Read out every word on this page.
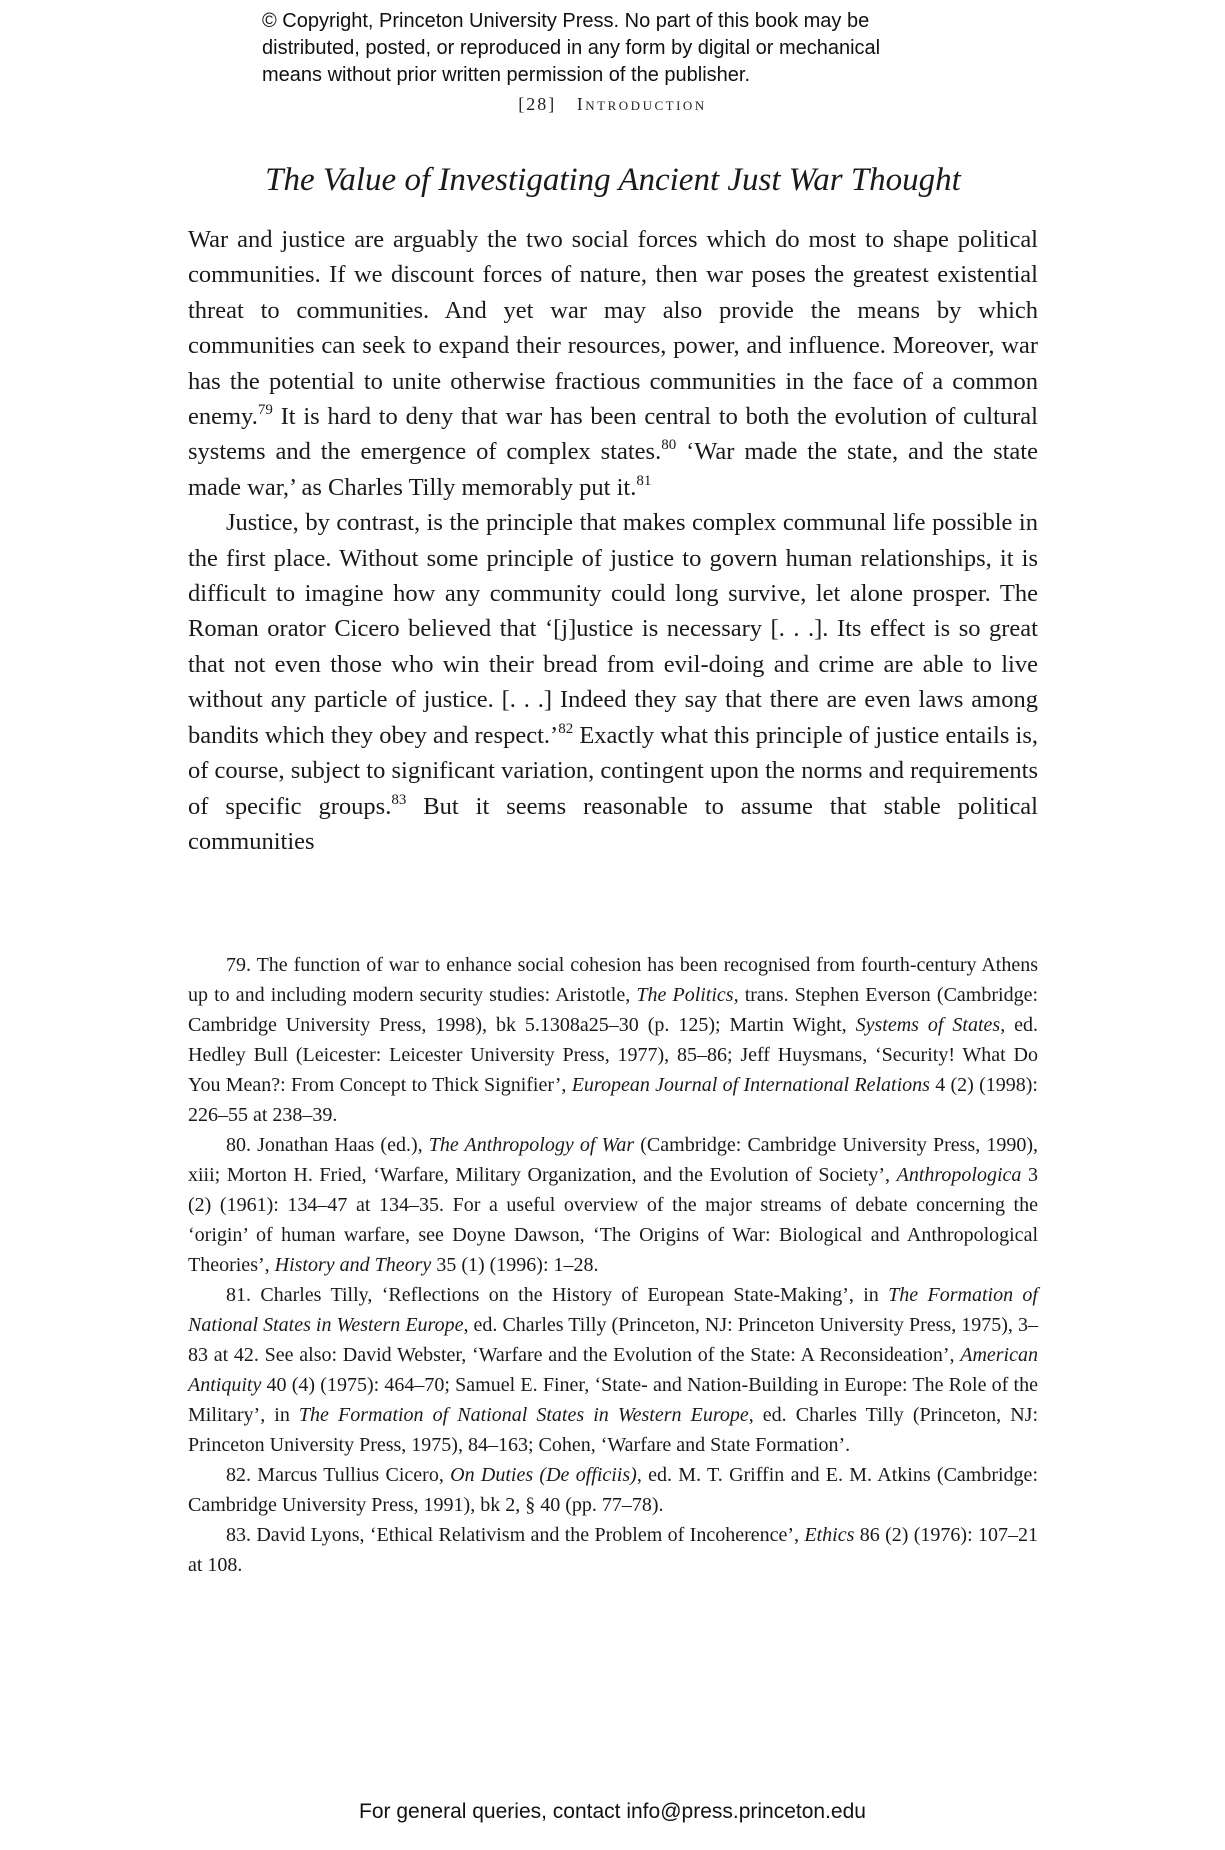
© Copyright, Princeton University Press. No part of this book may be
distributed, posted, or reproduced in any form by digital or mechanical
means without prior written permission of the publisher.
[28] Introduction
The Value of Investigating Ancient Just War Thought

War and justice are arguably the two social forces which do most to shape political communities. If we discount forces of nature, then war poses the greatest existential threat to communities. And yet war may also provide the means by which communities can seek to expand their resources, power, and influence. Moreover, war has the potential to unite otherwise fractious communities in the face of a common enemy.$^{79}$ It is hard to deny that war has been central to both the evolution of cultural systems and the emergence of complex states.$^{80}$ ‘War made the state, and the state made war,’ as Charles Tilly memorably put it.$^{81}$

Justice, by contrast, is the principle that makes complex communal life possible in the first place. Without some principle of justice to govern human relationships, it is difficult to imagine how any community could long survive, let alone prosper. The Roman orator Cicero believed that ‘[j]ustice is necessary [. . .]. Its effect is so great that not even those who win their bread from evil-doing and crime are able to live without any particle of justice. [. . .] Indeed they say that there are even laws among bandits which they obey and respect.’$^{82}$ Exactly what this principle of justice entails is, of course, subject to significant variation, contingent upon the norms and requirements of specific groups.$^{83}$ But it seems reasonable to assume that stable political communities

79. The function of war to enhance social cohesion has been recognised from fourth-century Athens up to and including modern security studies: Aristotle, The Politics, trans. Stephen Everson (Cambridge: Cambridge University Press, 1998), bk 5.1308a25–30 (p. 125); Martin Wight, Systems of States, ed. Hedley Bull (Leicester: Leicester University Press, 1977), 85–86; Jeff Huysmans, ‘Security! What Do You Mean?: From Concept to Thick Signifier’, European Journal of International Relations 4 (2) (1998): 226–55 at 238–39.

80. Jonathan Haas (ed.), The Anthropology of War (Cambridge: Cambridge University Press, 1990), xiii; Morton H. Fried, ‘Warfare, Military Organization, and the Evolution of Society’, Anthropologica 3 (2) (1961): 134–47 at 134–35. For a useful overview of the major streams of debate concerning the ‘origin’ of human warfare, see Doyne Dawson, ‘The Origins of War: Biological and Anthropological Theories’, History and Theory 35 (1) (1996): 1–28.

81. Charles Tilly, ‘Reflections on the History of European State-Making’, in The Formation of National States in Western Europe, ed. Charles Tilly (Princeton, NJ: Princeton University Press, 1975), 3–83 at 42. See also: David Webster, ‘Warfare and the Evolution of the State: A Reconsideation’, American Antiquity 40 (4) (1975): 464–70; Samuel E. Finer, ‘State- and Nation-Building in Europe: The Role of the Military’, in The Formation of National States in Western Europe, ed. Charles Tilly (Princeton, NJ: Princeton University Press, 1975), 84–163; Cohen, ‘Warfare and State Formation’.

82. Marcus Tullius Cicero, On Duties (De officiis), ed. M. T. Griffin and E. M. Atkins (Cambridge: Cambridge University Press, 1991), bk 2, § 40 (pp. 77–78).

83. David Lyons, ‘Ethical Relativism and the Problem of Incoherence’, Ethics 86 (2) (1976): 107–21 at 108.

For general queries, contact info@press.princeton.edu
